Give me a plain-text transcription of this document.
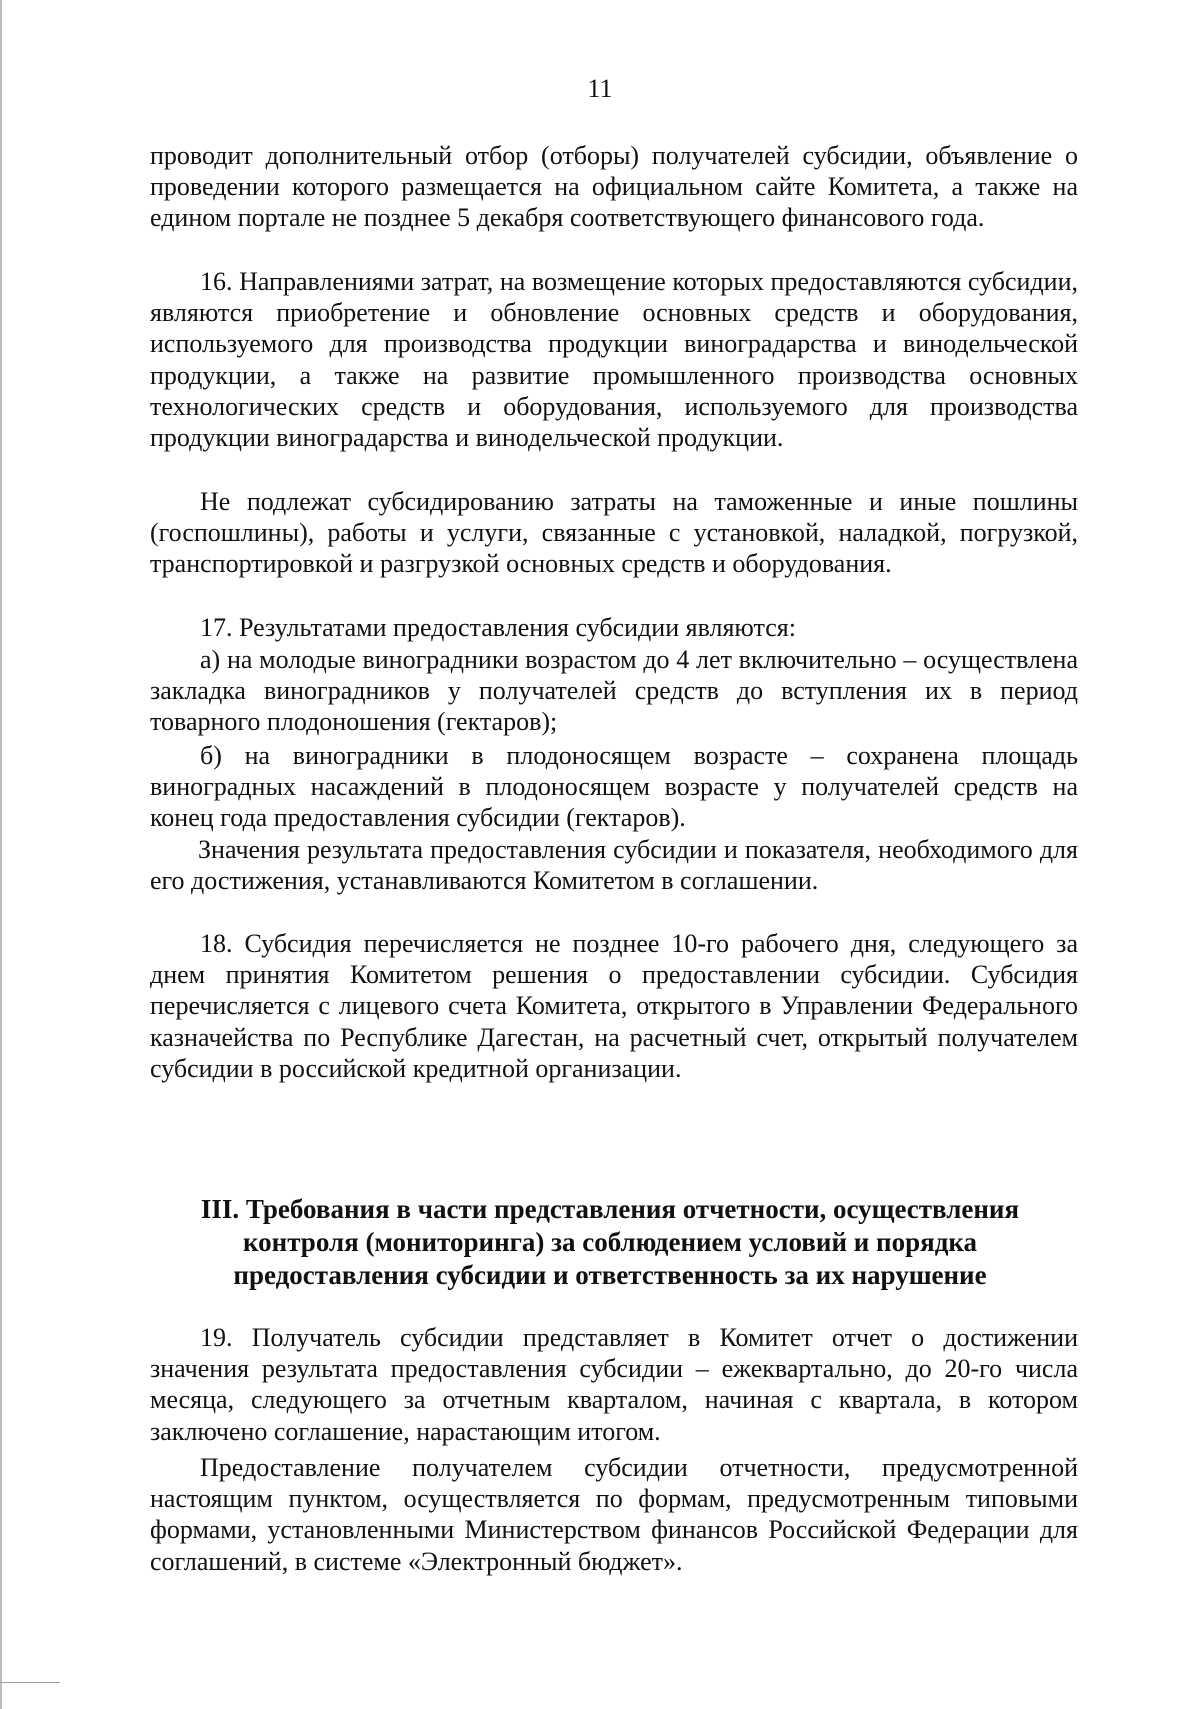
11

проводит дополнительный отбор (отборы) получателей субсидии, объявление о проведении которого размещается на официальном сайте Комитета, а также на едином портале не позднее 5 декабря соответствующего финансового года.

16. Направлениями затрат, на возмещение которых предоставляются субсидии, являются приобретение и обновление основных средств и оборудования, используемого для производства продукции виноградарства и винодельческой продукции, а также на развитие промышленного производства основных технологических средств и оборудования, используемого для производства продукции виноградарства и винодельческой продукции.

Не подлежат субсидированию затраты на таможенные и иные пошлины (госпошлины), работы и услуги, связанные с установкой, наладкой, погрузкой, транспортировкой и разгрузкой основных средств и оборудования.

17. Результатами предоставления субсидии являются:

а) на молодые виноградники возрастом до 4 лет включительно – осуществлена закладка виноградников у получателей средств до вступления их в период товарного плодоношения (гектаров);

б) на виноградники в плодоносящем возрасте – сохранена площадь виноградных насаждений в плодоносящем возрасте у получателей средств на конец года предоставления субсидии (гектаров).

Значения результата предоставления субсидии и показателя, необходимого для его достижения, устанавливаются Комитетом в соглашении.

18. Субсидия перечисляется не позднее 10-го рабочего дня, следующего за днем принятия Комитетом решения о предоставлении субсидии. Субсидия перечисляется с лицевого счета Комитета, открытого в Управлении Федерального казначейства по Республике Дагестан, на расчетный счет, открытый получателем субсидии в российской кредитной организации.

III. Требования в части представления отчетности, осуществления
контроля (мониторинга) за соблюдением условий и порядка
предоставления субсидии и ответственность за их нарушение

19. Получатель субсидии представляет в Комитет отчет о достижении значения результата предоставления субсидии – ежеквартально, до 20-го числа месяца, следующего за отчетным кварталом, начиная с квартала, в котором заключено соглашение, нарастающим итогом.

Предоставление получателем субсидии отчетности, предусмотренной настоящим пунктом, осуществляется по формам, предусмотренным типовыми формами, установленными Министерством финансов Российской Федерации для соглашений, в системе «Электронный бюджет».
